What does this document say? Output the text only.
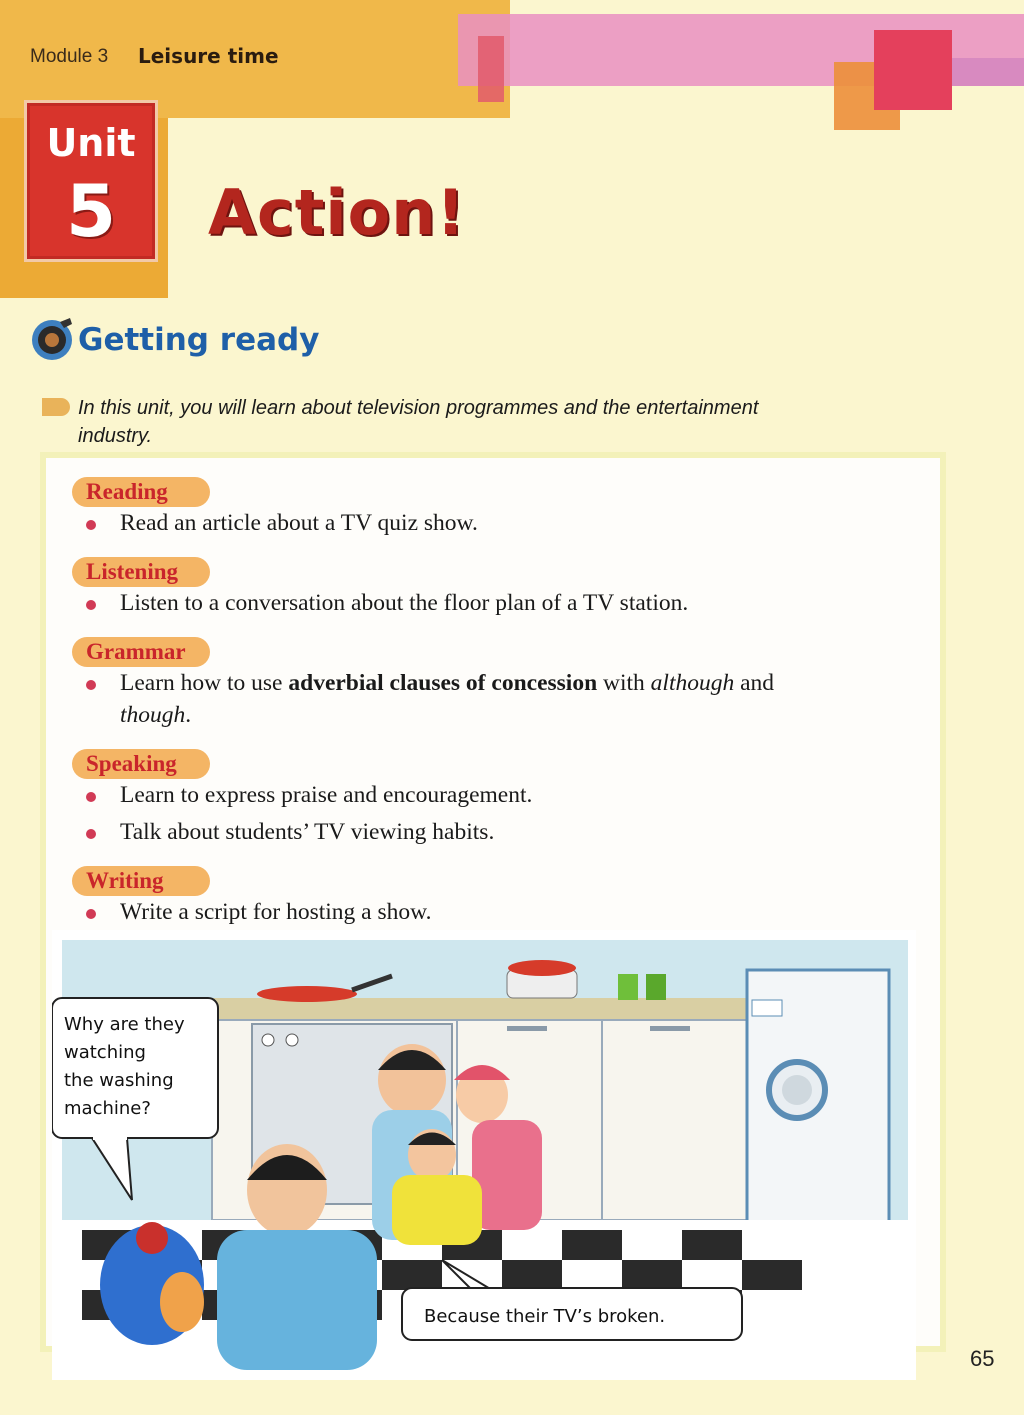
Module 3 Leisure time
Unit
5	Action!
Getting ready
In this unit, you will learn about television programmes and the entertainment
industry.
Reading
Read an article about a TV quiz show.
Listening
Listen to a conversation about the floor plan of a TV station.
Grammar
Learn how to use adverbial clauses of concession with although and
though.
Speaking
Learn to express praise and encouragement.
Talk about students’ TV viewing habits.
Writing
Write a script for hosting a show.
Why are they
watching
the washing
machine?
Because their TV’s broken.
65
